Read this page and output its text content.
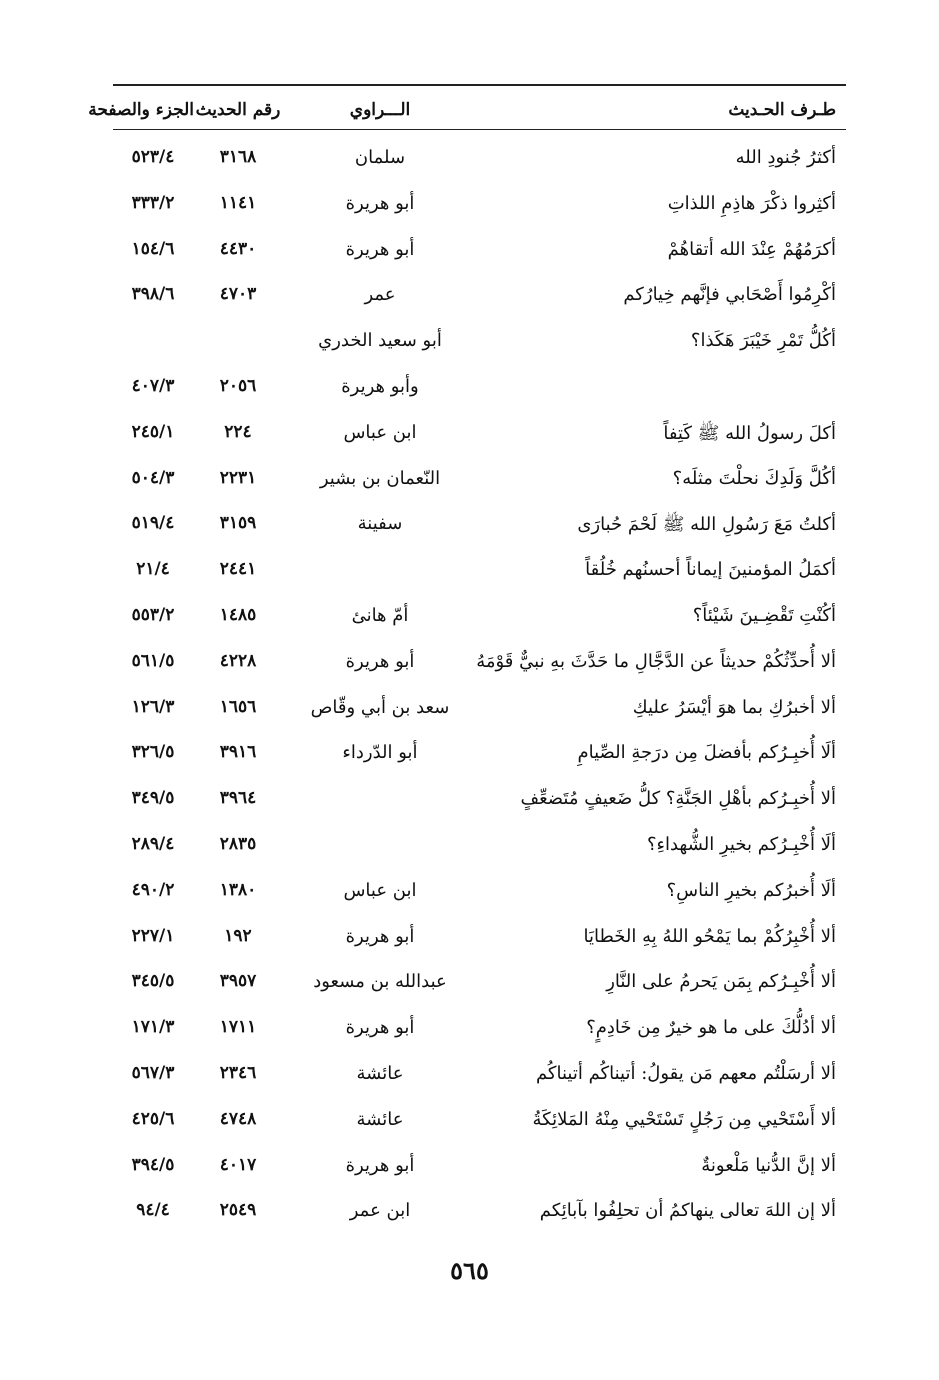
طـرف الحـديث
الـــراوي
رقم الحديث
الجزء والصفحة
أكثرُ جُنودِ الله
سلمان
٣١٦٨
٥٢٣/٤
أكثِروا ذكْرَ هاذِمِ اللذاتِ
أبو هريرة
١١٤١
٣٣٣/٢
أكرَمُهُمْ عِنْدَ الله أتقاهُمْ
أبو هريرة
٤٤٣٠
١٥٤/٦
أكْرِمُوا أَصْحَابي فإنَّهم خِيارُكم
عمر
٤٧٠٣
٣٩٨/٦
أكُلُّ تَمْرِ خَيْبَرَ هَكَذا؟
أبو سعيد الخدري
وأبو هريرة
٢٠٥٦
٤٠٧/٣
أكلَ رسولُ الله ﷺ كَتِفاً
ابن عباس
٢٢٤
٢٤٥/١
أكُلَّ وَلَدِكَ نحلْتَ مثلَه؟
النّعمان بن بشير
٢٢٣١
٥٠٤/٣
أكلتُ مَعَ رَسُولِ الله ﷺ لَحْمَ حُبارَى
سفينة
٣١٥٩
٥١٩/٤
أكمَلُ المؤمنينَ إيماناً أحسنُهم خُلُقاً
٢٤٤١
٢١/٤
أكُنْتِ تَقْضِـينَ شَيْئاً؟
أمّ هانئ
١٤٨٥
٥٥٣/٢
ألا أُحدِّثُكُمْ حديثاً عن الدَّجَّالِ ما حَدَّثَ بهِ نبيٌّ قَوْمَهُ
أبو هريرة
٤٢٢٨
٥٦١/٥
ألا أخبرُكِ بما هوَ أيْسَرُ عليكِ
سعد بن أبي وقّاص
١٦٥٦
١٢٦/٣
ألَا أُخبِـرُكم بأفضلَ مِن درَجةِ الصِّيامِ
أبو الدّرداء
٣٩١٦
٣٢٦/٥
ألا أُخبِـرُكم بأهْلِ الجَنَّةِ؟ كلُّ ضَعيفٍ مُتَضعِّفٍ
٣٩٦٤
٣٤٩/٥
ألَا أُخْبِـرُكم بخيرِ الشُّهداءِ؟
٢٨٣٥
٢٨٩/٤
ألَا أُخبرُكم بخيرِ الناسِ؟
ابن عباس
١٣٨٠
٤٩٠/٢
ألا أُخْبِرُكُمْ بما يَمْحُو اللهُ بِهِ الخَطايَا
أبو هريرة
١٩٢
٢٢٧/١
ألا أُخْبِـرُكم بِمَن يَحرمُ على النَّارِ
عبدالله بن مسعود
٣٩٥٧
٣٤٥/٥
ألا أدُلُّكَ على ما هو خيرٌ مِن خَادِمٍ؟
أبو هريرة
١٧١١
١٧١/٣
ألا أرسَلْتُم معهم مَن يقولُ: أتيناكُم أتيناكُم
عائشة
٢٣٤٦
٥٦٧/٣
ألا أَسْتَحْيي مِن رَجُلٍ تَسْتَحْيي مِنْهُ المَلائِكَةُ
عائشة
٤٧٤٨
٤٢٥/٦
ألا إنَّ الدُّنيا مَلْعونةٌ
أبو هريرة
٤٠١٧
٣٩٤/٥
ألا إن اللهَ تعالى ينهاكمُ أن تحلِفُوا بآبائِكم
ابن عمر
٢٥٤٩
٩٤/٤
٥٦٥
